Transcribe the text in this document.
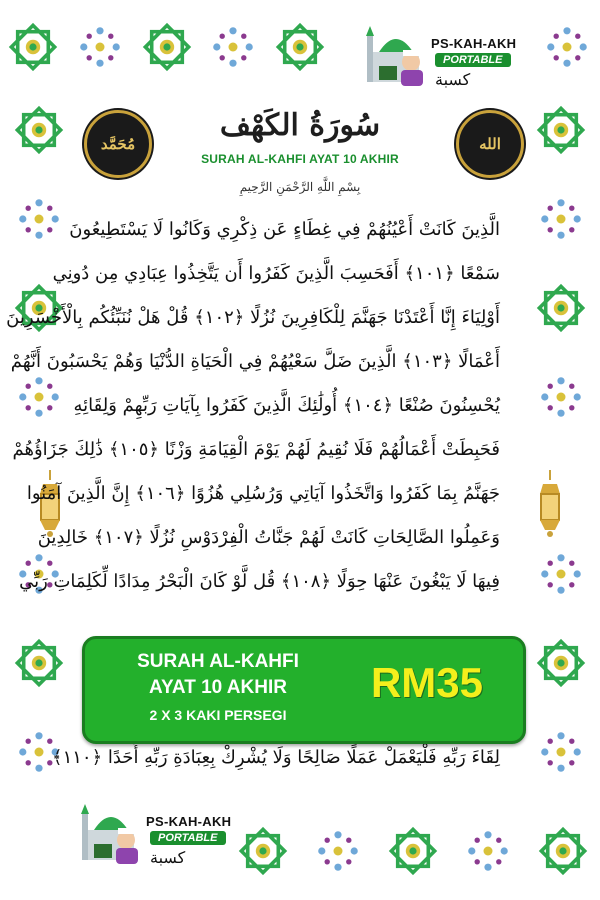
PS-KAH-AKH
PORTABLE
كسبة
PS-KAH-AKH
PORTABLE
كسبة
مُحَمَّد	الله
سُورَةُ الكَهْف
SURAH AL-KAHFI AYAT 10 AKHIR
بِسْمِ اللَّهِ الرَّحْمَنِ الرَّحِيمِ
الَّذِينَ كَانَتْ أَعْيُنُهُمْ فِي غِطَاءٍ عَن ذِكْرِي وَكَانُوا لَا يَسْتَطِيعُونَ
سَمْعًا ﴿١٠١﴾ أَفَحَسِبَ الَّذِينَ كَفَرُوا أَن يَتَّخِذُوا عِبَادِي مِن دُونِي
أَوْلِيَاءَ إِنَّا أَعْتَدْنَا جَهَنَّمَ لِلْكَافِرِينَ نُزُلًا ﴿١٠٢﴾ قُلْ هَلْ نُنَبِّئُكُم بِالْأَخْسَرِينَ
أَعْمَالًا ﴿١٠٣﴾ الَّذِينَ ضَلَّ سَعْيُهُمْ فِي الْحَيَاةِ الدُّنْيَا وَهُمْ يَحْسَبُونَ أَنَّهُمْ
يُحْسِنُونَ صُنْعًا ﴿١٠٤﴾ أُولَٰئِكَ الَّذِينَ كَفَرُوا بِآيَاتِ رَبِّهِمْ وَلِقَائِهِ
فَحَبِطَتْ أَعْمَالُهُمْ فَلَا نُقِيمُ لَهُمْ يَوْمَ الْقِيَامَةِ وَزْنًا ﴿١٠٥﴾ ذَٰلِكَ جَزَاؤُهُمْ
جَهَنَّمُ بِمَا كَفَرُوا وَاتَّخَذُوا آيَاتِي وَرُسُلِي هُزُوًا ﴿١٠٦﴾ إِنَّ الَّذِينَ آمَنُوا
وَعَمِلُوا الصَّالِحَاتِ كَانَتْ لَهُمْ جَنَّاتُ الْفِرْدَوْسِ نُزُلًا ﴿١٠٧﴾ خَالِدِينَ
فِيهَا لَا يَبْغُونَ عَنْهَا حِوَلًا ﴿١٠٨﴾ قُل لَّوْ كَانَ الْبَحْرُ مِدَادًا لِّكَلِمَاتِ رَبِّي
لِقَاءَ رَبِّهِ فَلْيَعْمَلْ عَمَلًا صَالِحًا وَلَا يُشْرِكْ بِعِبَادَةِ رَبِّهِ أَحَدًا ﴿١١٠﴾
SURAH AL-KAHFI
AYAT 10 AKHIR
2 X 3 KAKI PERSEGI
RM35
